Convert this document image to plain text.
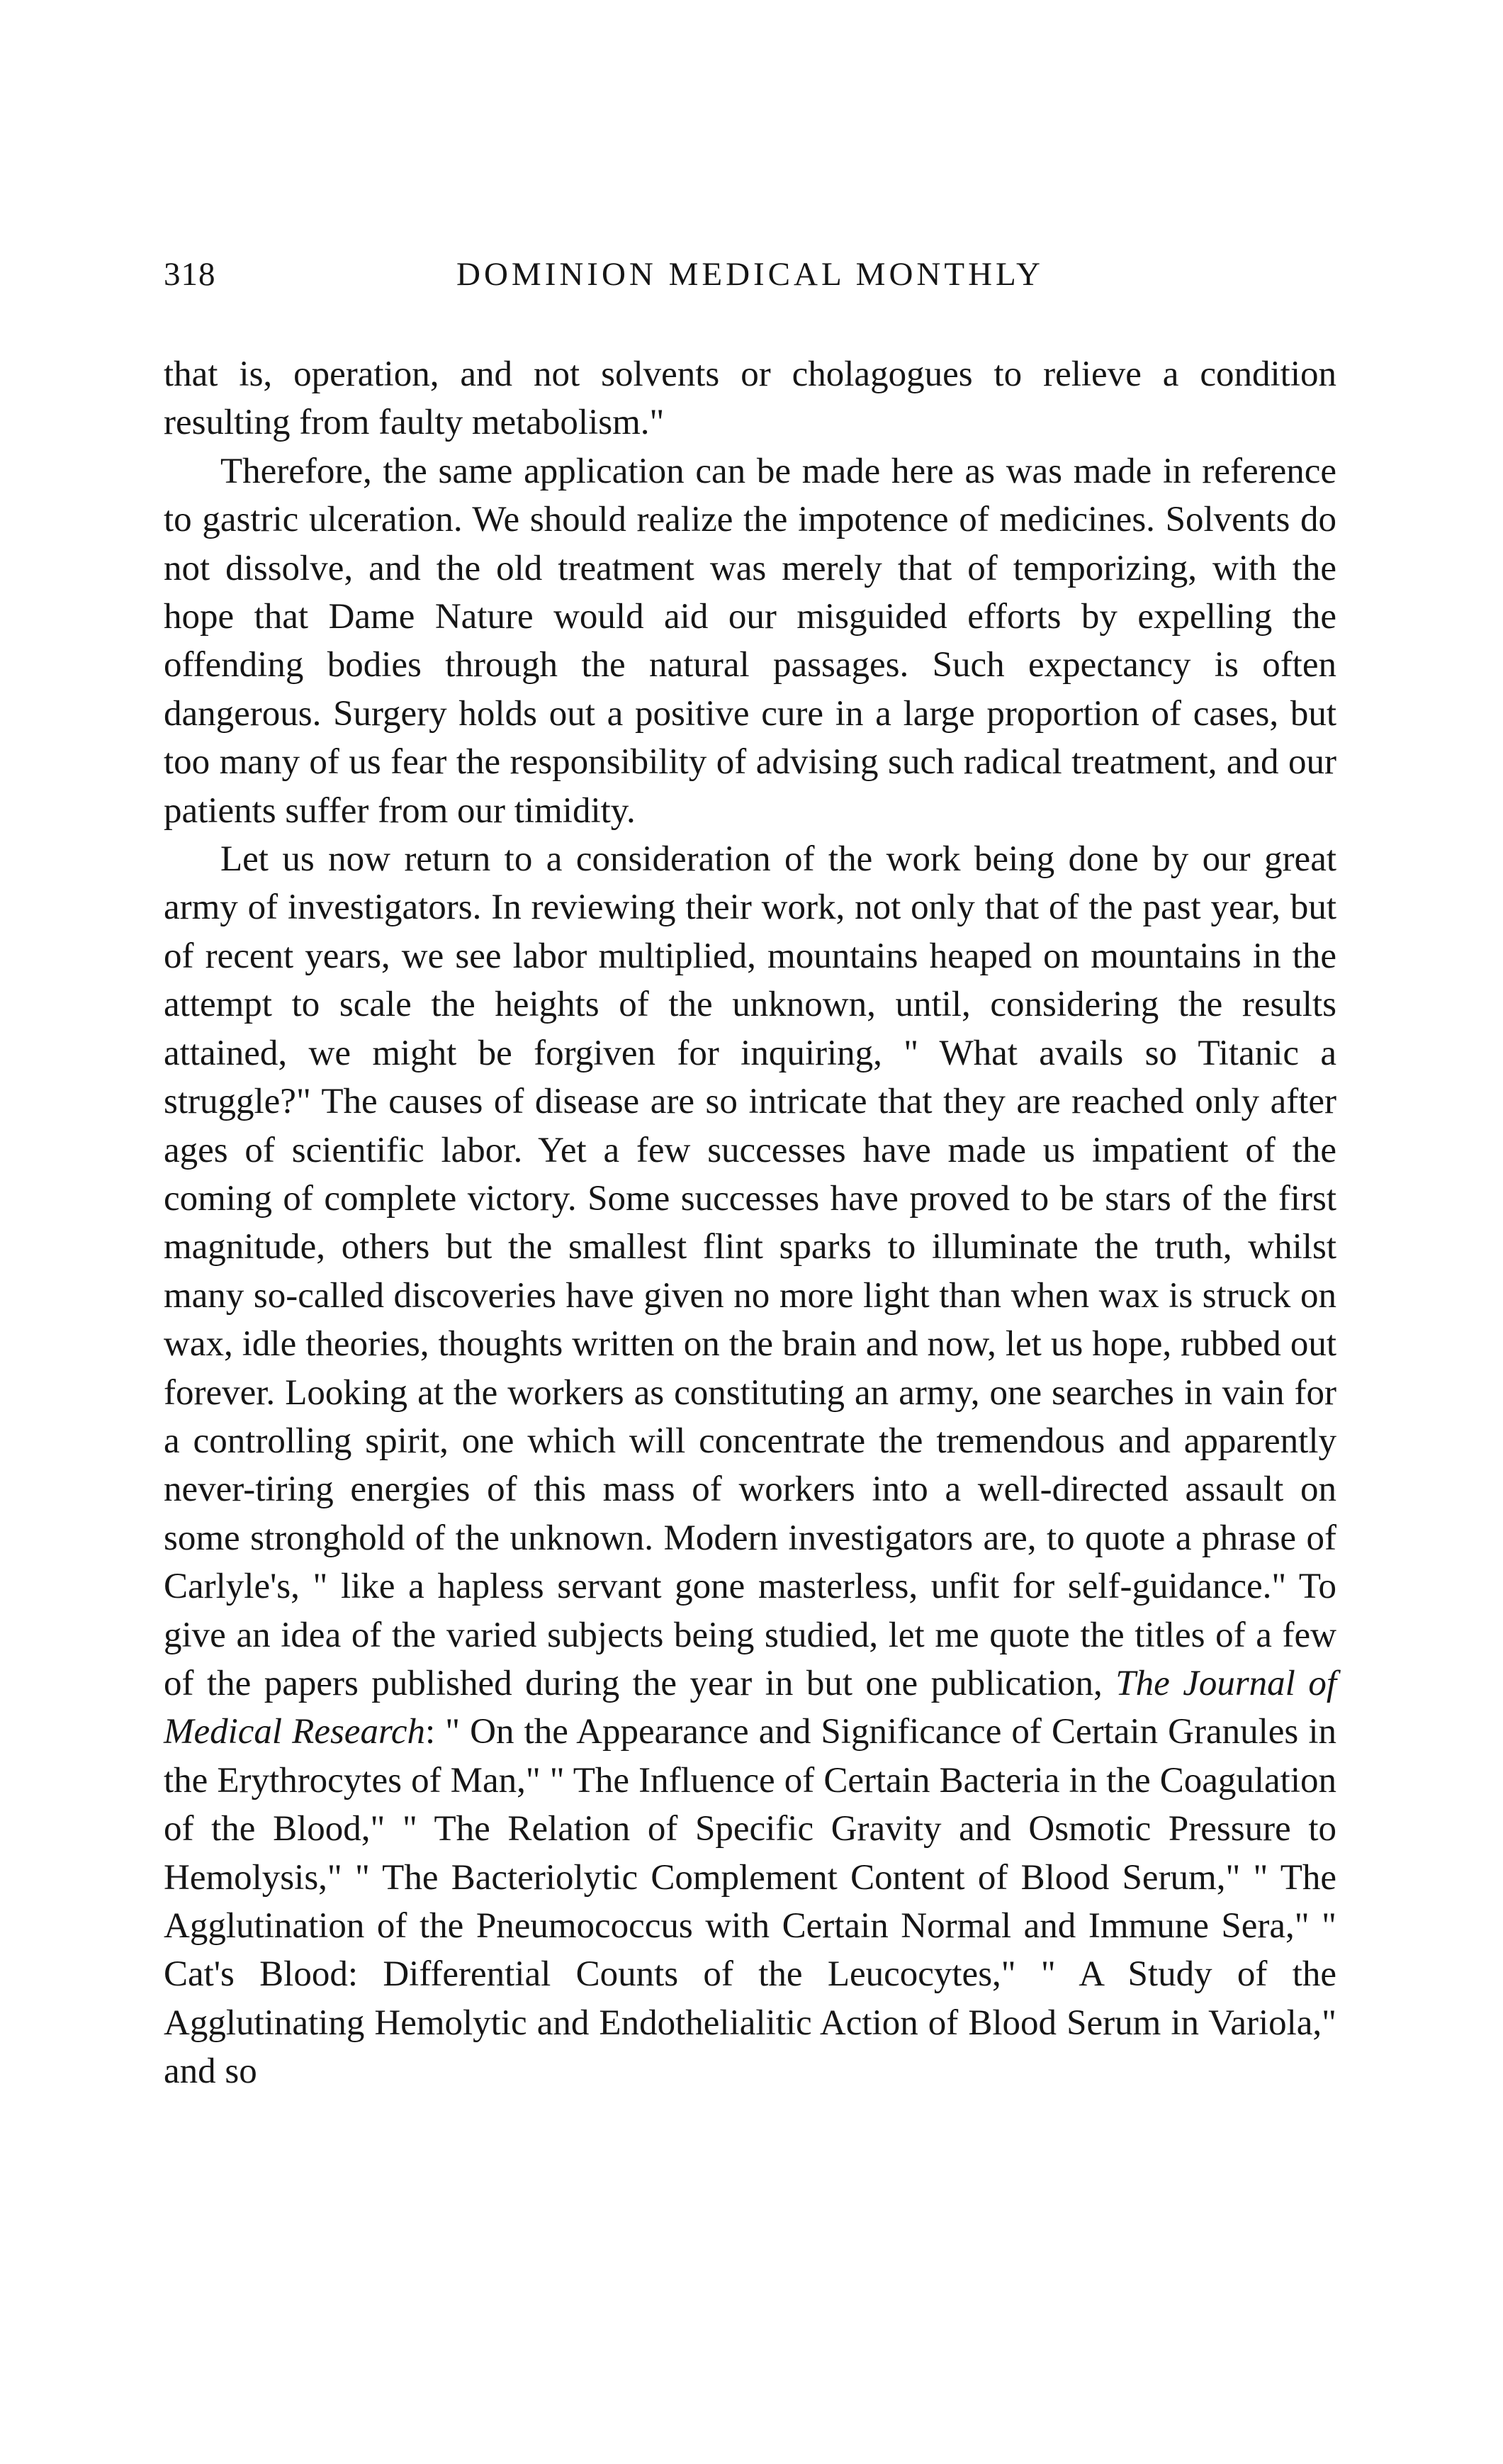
318	DOMINION MEDICAL MONTHLY

that is, operation, and not solvents or cholagogues to relieve a condition resulting from faulty metabolism."

Therefore, the same application can be made here as was made in reference to gastric ulceration. We should realize the impotence of medicines. Solvents do not dissolve, and the old treatment was merely that of temporizing, with the hope that Dame Nature would aid our misguided efforts by expelling the offending bodies through the natural passages. Such expectancy is often dangerous. Surgery holds out a positive cure in a large proportion of cases, but too many of us fear the responsibility of advising such radical treatment, and our patients suffer from our timidity.

Let us now return to a consideration of the work being done by our great army of investigators. In reviewing their work, not only that of the past year, but of recent years, we see labor multiplied, mountains heaped on mountains in the attempt to scale the heights of the unknown, until, considering the results attained, we might be forgiven for inquiring, " What avails so Titanic a struggle?" The causes of disease are so intricate that they are reached only after ages of scientific labor. Yet a few successes have made us impatient of the coming of complete victory. Some successes have proved to be stars of the first magnitude, others but the smallest flint sparks to illuminate the truth, whilst many so-called discoveries have given no more light than when wax is struck on wax, idle theories, thoughts written on the brain and now, let us hope, rubbed out forever. Looking at the workers as constituting an army, one searches in vain for a controlling spirit, one which will concentrate the tremendous and apparently never-tiring energies of this mass of workers into a well-directed assault on some stronghold of the unknown. Modern investigators are, to quote a phrase of Carlyle's, " like a hapless servant gone masterless, unfit for self-guidance." To give an idea of the varied subjects being studied, let me quote the titles of a few of the papers published during the year in but one publication, The Journal of Medical Research: " On the Appearance and Significance of Certain Granules in the Erythrocytes of Man," " The Influence of Certain Bacteria in the Coagulation of the Blood," " The Relation of Specific Gravity and Osmotic Pressure to Hemolysis," " The Bacteriolytic Complement Content of Blood Serum," " The Agglutination of the Pneumococcus with Certain Normal and Immune Sera," " Cat's Blood: Differential Counts of the Leucocytes," " A Study of the Agglutinating Hemolytic and Endothelialitic Action of Blood Serum in Variola," and so
